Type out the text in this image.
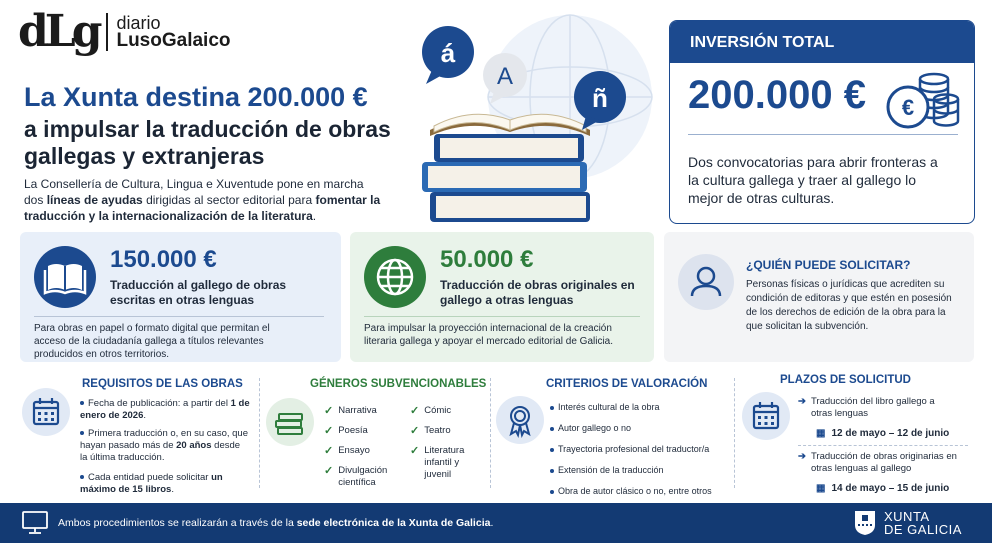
dLg diario
LusoGalaico
La Xunta destina 200.000 €
a impulsar la traducción de obras gallegas y extranjeras
La Consellería de Cultura, Lingua e Xuventude pone en marcha dos líneas de ayudas dirigidas al sector editorial para fomentar la traducción y la internacionalización de la literatura.
á
A
ñ
INVERSIÓN TOTAL
200.000 € €
Dos convocatorias para abrir fronteras a la cultura gallega y traer al gallego lo mejor de otras culturas.
150.000 €
Traducción al gallego de obras escritas en otras lenguas
Para obras en papel o formato digital que permitan el acceso de la ciudadanía gallega a títulos relevantes producidos en otros territorios.
50.000 €
Traducción de obras originales en gallego a otras lenguas
Para impulsar la proyección internacional de la creación literaria gallega y apoyar el mercado editorial de Galicia.
¿QUIÉN PUEDE SOLICITAR?
Personas físicas o jurídicas que acrediten su condición de editoras y que estén en posesión de los derechos de edición de la obra para la que solicitan la subvención.
REQUISITOS DE LAS OBRAS
Fecha de publicación: a partir del 1 de enero de 2026.
Primera traducción o, en su caso, que hayan pasado más de 20 años desde la última traducción.
Cada entidad puede solicitar un máximo de 15 libros.
GÉNEROS SUBVENCIONABLES
✓ Narrativa
✓ Poesía
✓ Ensayo
✓ Divulgación científica
✓ Cómic
✓ Teatro
✓ Literatura infantil y juvenil
CRITERIOS DE VALORACIÓN
Interés cultural de la obra
Autor gallego o no
Trayectoria profesional del traductor/a
Extensión de la traducción
Obra de autor clásico o no, entre otros
PLAZOS DE SOLICITUD
➔ Traducción del libro gallego a otras lenguas
▦ 12 de mayo – 12 de junio
➔ Traducción de obras originarias en otras lenguas al gallego
▦ 14 de mayo – 15 de junio
Ambos procedimientos se realizarán a través de la sede electrónica de la Xunta de Galicia.	XUNTA
DE GALICIA
